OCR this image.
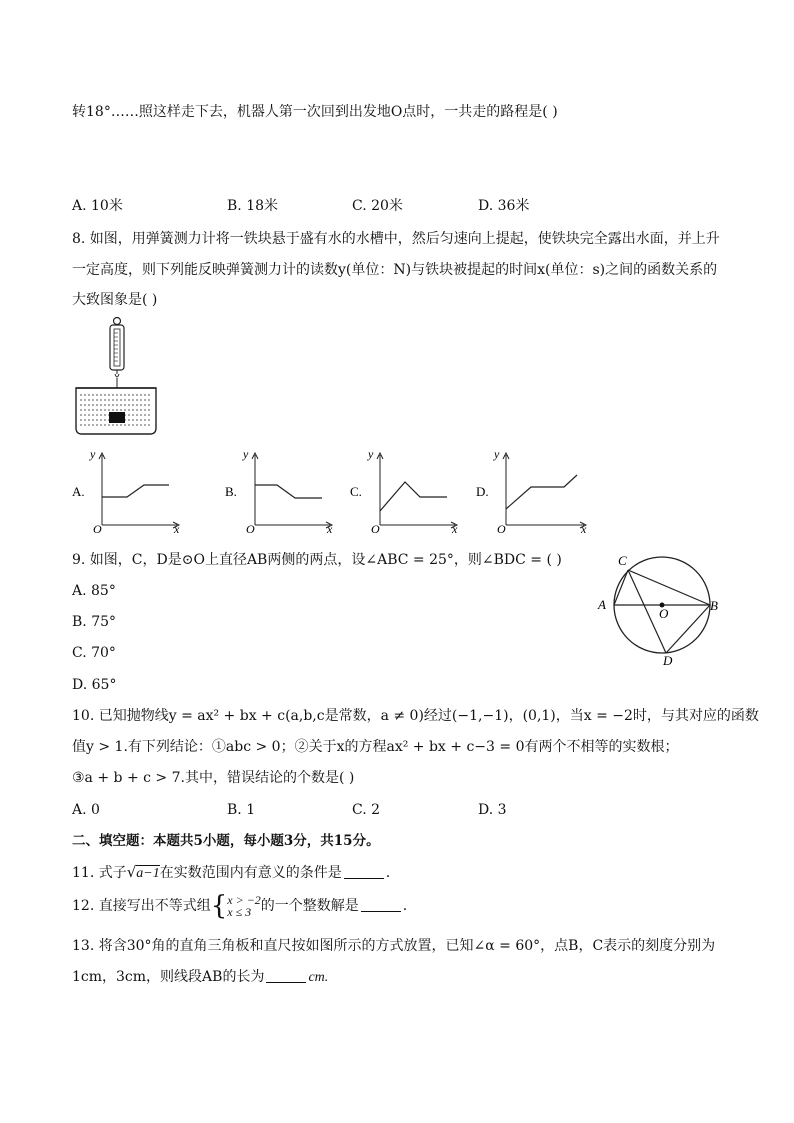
转18°……照这样走下去，机器人第一次回到出发地O点时，一共走的路程是( )
A. 10米	B. 18米	C. 20米	D. 36米
8. 如图，用弹簧测力计将一铁块悬于盛有水的水槽中，然后匀速向上提起，使铁块完全露出水面，并上升
一定高度，则下列能反映弹簧测力计的读数y(单位：N)与铁块被提起的时间x(单位：s)之间的函数关系的
大致图象是( )
A.
y
x
O
B.
y
x
O
C.
y
x
O
D.
y
x
O
9. 如图，C，D是⊙O上直径AB两侧的两点，设∠ABC = 25°，则∠BDC = ( )
A. 85°
B. 75°
C. 70°
D. 65°
C
A
O
B
D
10. 已知抛物线y = ax² + bx + c(a,b,c是常数，a ≠ 0)经过(−1,−1)，(0,1)，当x = −2时，与其对应的函数
值y > 1.有下列结论：①abc > 0；②关于x的方程ax² + bx + c−3 = 0有两个不相等的实数根；
③a + b + c > 7.其中，错误结论的个数是( )
A. 0	B. 1	C. 2	D. 3
二、填空题：本题共5小题，每小题3分，共15分。
11. 式子√a−1在实数范围内有意义的条件是	.
12. 直接写出不等式组{x > −2
x ≤ 3 的一个整数解是	.
13. 将含30°角的直角三角板和直尺按如图所示的方式放置，已知∠α = 60°，点B，C表示的刻度分别为
1cm，3cm，则线段AB的长为	cm.
